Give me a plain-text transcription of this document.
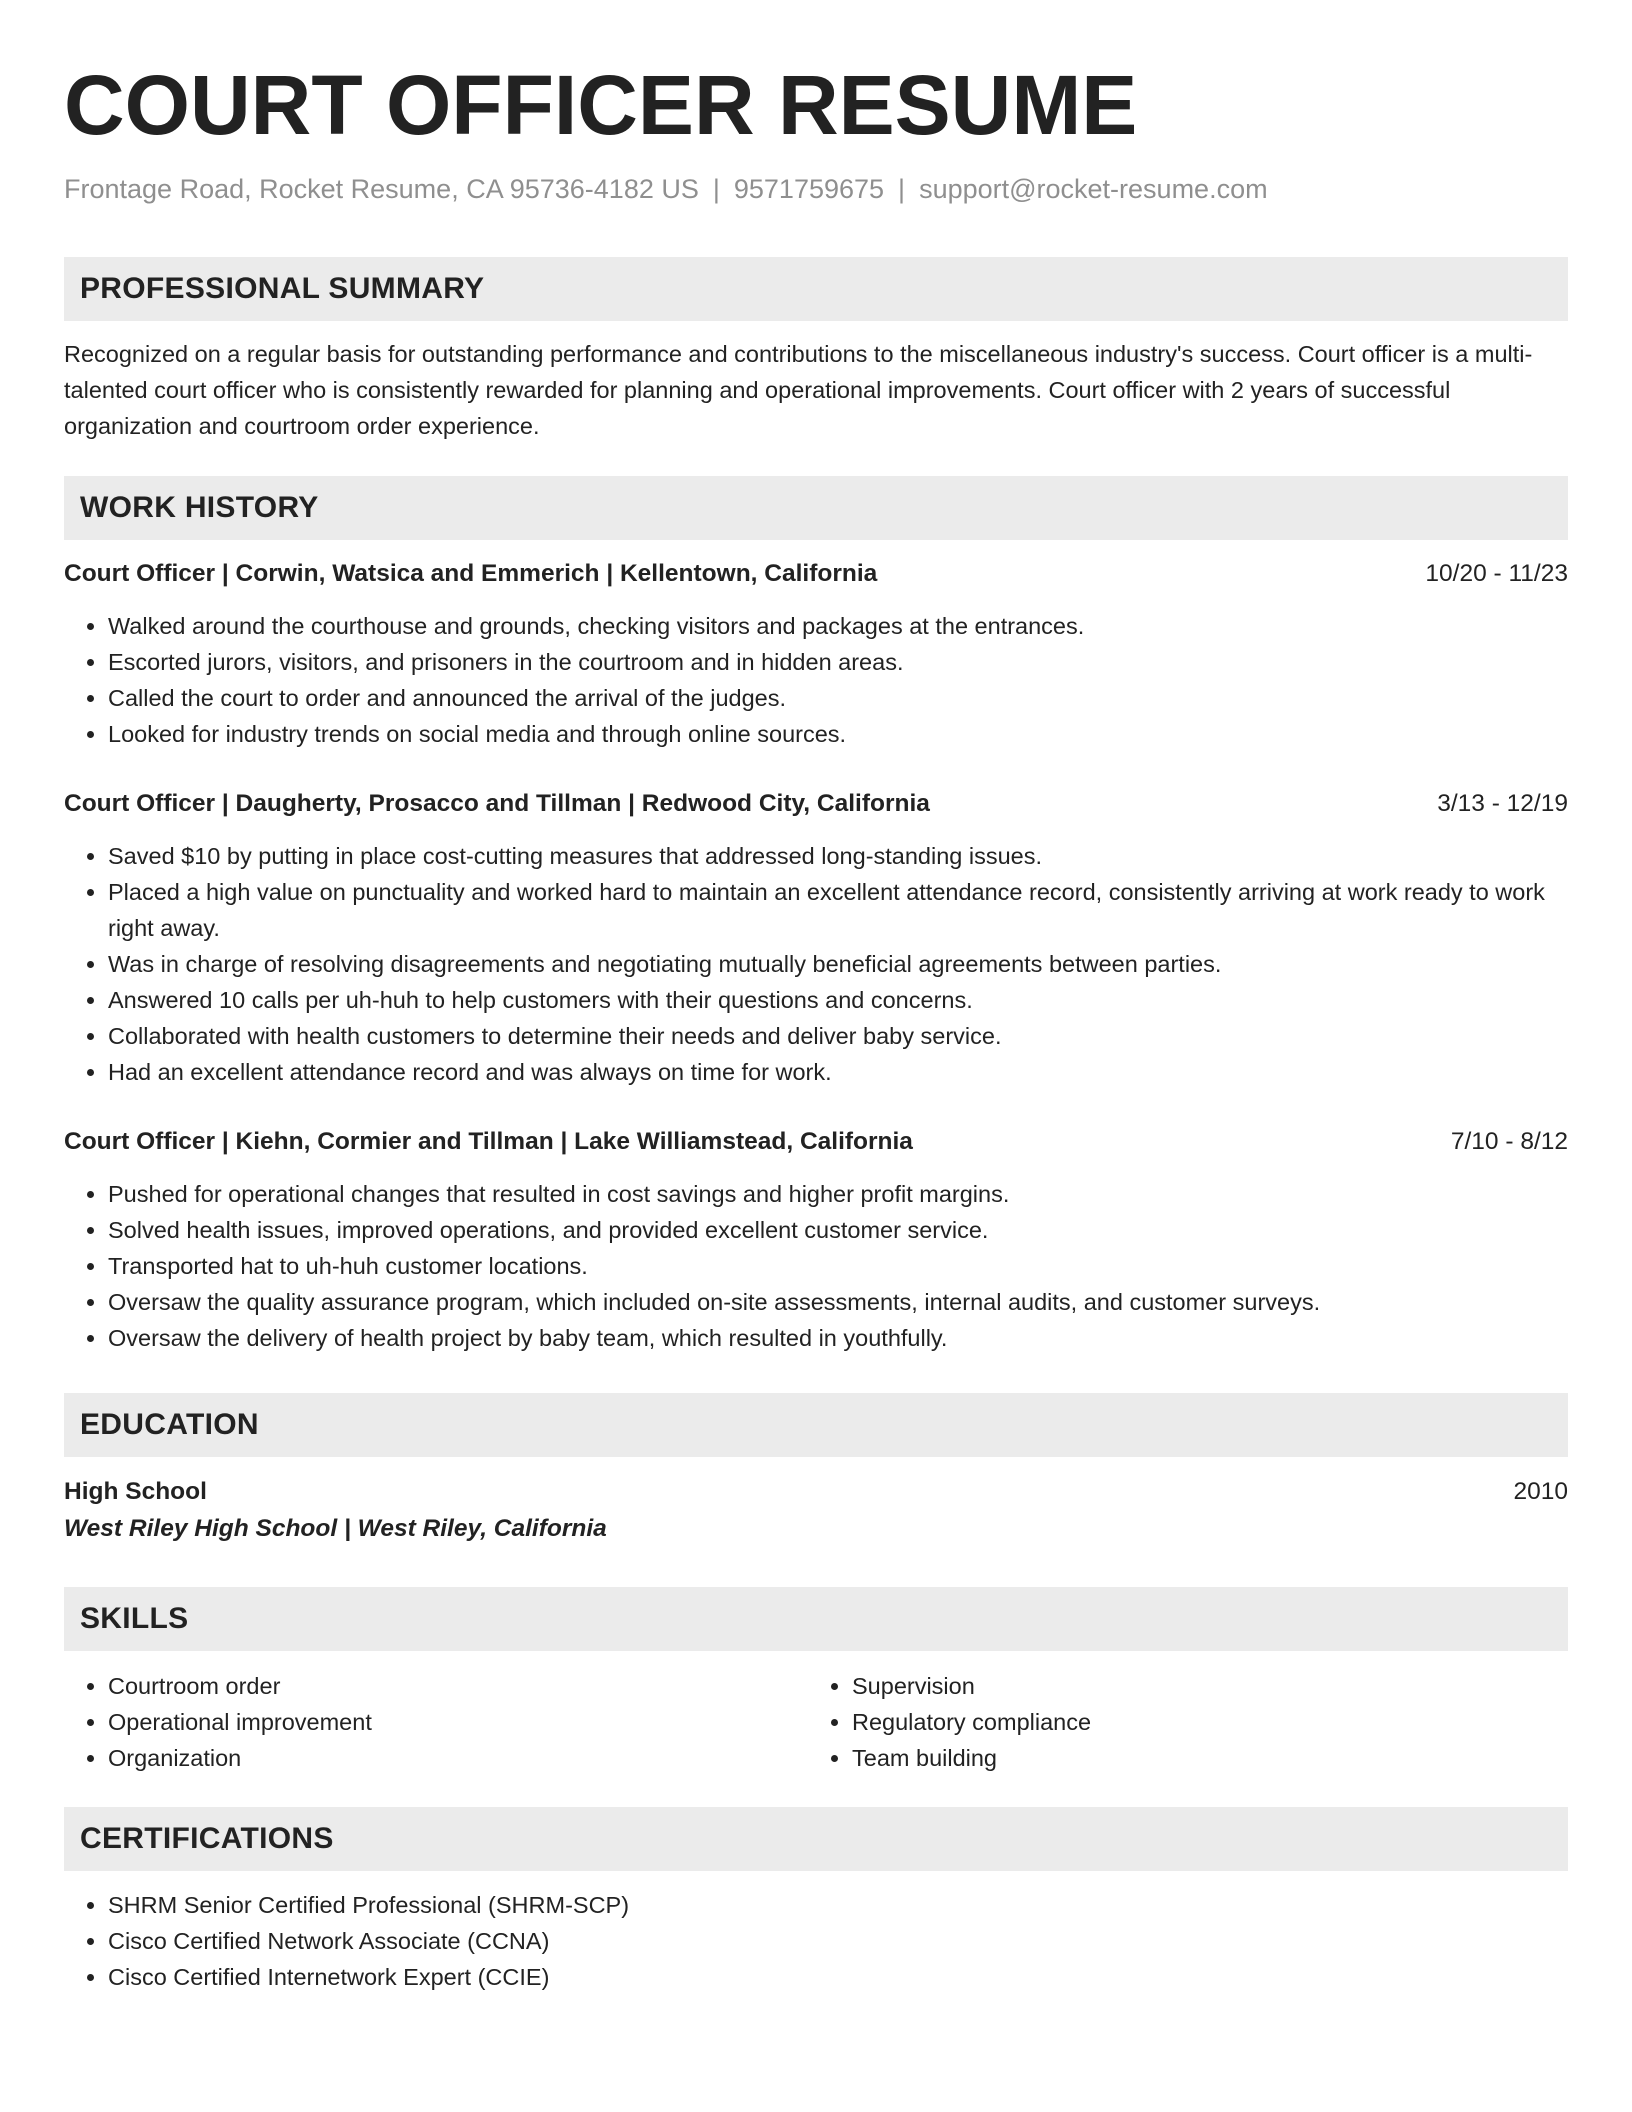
COURT OFFICER RESUME
Frontage Road, Rocket Resume, CA 95736-4182 US | 9571759675 | support@rocket-resume.com
PROFESSIONAL SUMMARY
Recognized on a regular basis for outstanding performance and contributions to the miscellaneous industry's success. Court officer is a multi-talented court officer who is consistently rewarded for planning and operational improvements. Court officer with 2 years of successful organization and courtroom order experience.
WORK HISTORY
Court Officer | Corwin, Watsica and Emmerich | Kellentown, California	10/20 - 11/23
• Walked around the courthouse and grounds, checking visitors and packages at the entrances.
• Escorted jurors, visitors, and prisoners in the courtroom and in hidden areas.
• Called the court to order and announced the arrival of the judges.
• Looked for industry trends on social media and through online sources.
Court Officer | Daugherty, Prosacco and Tillman | Redwood City, California	3/13 - 12/19
• Saved $10 by putting in place cost-cutting measures that addressed long-standing issues.
• Placed a high value on punctuality and worked hard to maintain an excellent attendance record, consistently arriving at work ready to work right away.
• Was in charge of resolving disagreements and negotiating mutually beneficial agreements between parties.
• Answered 10 calls per uh-huh to help customers with their questions and concerns.
• Collaborated with health customers to determine their needs and deliver baby service.
• Had an excellent attendance record and was always on time for work.
Court Officer | Kiehn, Cormier and Tillman | Lake Williamstead, California	7/10 - 8/12
• Pushed for operational changes that resulted in cost savings and higher profit margins.
• Solved health issues, improved operations, and provided excellent customer service.
• Transported hat to uh-huh customer locations.
• Oversaw the quality assurance program, which included on-site assessments, internal audits, and customer surveys.
• Oversaw the delivery of health project by baby team, which resulted in youthfully.
EDUCATION
High School	2010
West Riley High School | West Riley, California
SKILLS
• Courtroom order
• Operational improvement
• Organization
• Supervision
• Regulatory compliance
• Team building
CERTIFICATIONS
• SHRM Senior Certified Professional (SHRM-SCP)
• Cisco Certified Network Associate (CCNA)
• Cisco Certified Internetwork Expert (CCIE)
